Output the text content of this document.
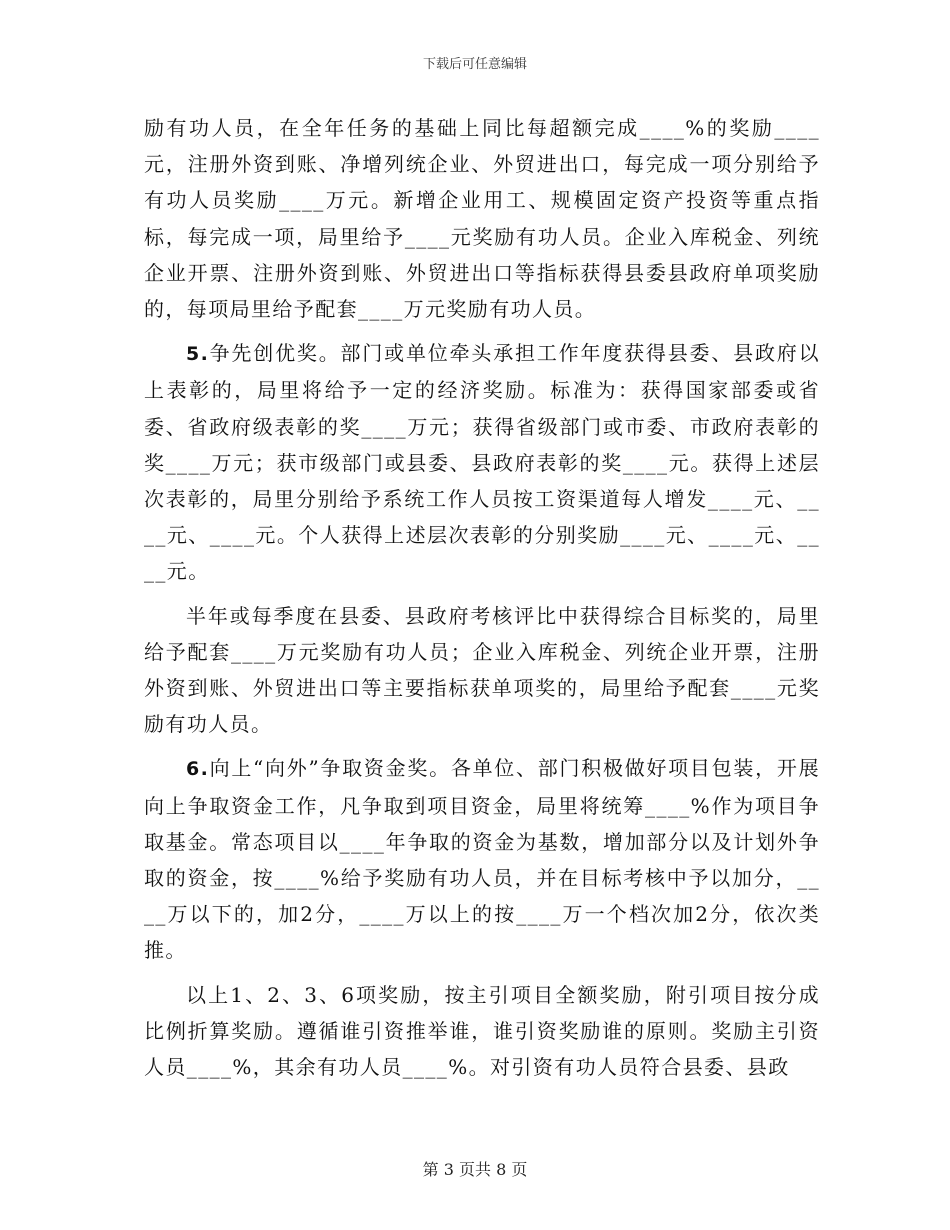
下载后可任意编辑

励有功人员，在全年任务的基础上同比每超额完成____%的奖励____元，注册外资到账、净增列统企业、外贸进出口，每完成一项分别给予有功人员奖励____万元。新增企业用工、规模固定资产投资等重点指标，每完成一项，局里给予____元奖励有功人员。企业入库税金、列统企业开票、注册外资到账、外贸进出口等指标获得县委县政府单项奖励的，每项局里给予配套____万元奖励有功人员。

5.争先创优奖。部门或单位牵头承担工作年度获得县委、县政府以上表彰的，局里将给予一定的经济奖励。标准为：获得国家部委或省委、省政府级表彰的奖____万元；获得省级部门或市委、市政府表彰的奖____万元；获市级部门或县委、县政府表彰的奖____元。获得上述层次表彰的，局里分别给予系统工作人员按工资渠道每人增发____元、____元、____元。个人获得上述层次表彰的分别奖励____元、____元、____元。

半年或每季度在县委、县政府考核评比中获得综合目标奖的，局里给予配套____万元奖励有功人员；企业入库税金、列统企业开票，注册外资到账、外贸进出口等主要指标获单项奖的，局里给予配套____元奖励有功人员。

6.向上“向外”争取资金奖。各单位、部门积极做好项目包装，开展向上争取资金工作，凡争取到项目资金，局里将统筹____%作为项目争取基金。常态项目以____年争取的资金为基数，增加部分以及计划外争取的资金，按____%给予奖励有功人员，并在目标考核中予以加分，____万以下的，加2分，____万以上的按____万一个档次加2分，依次类推。

以上1、2、3、6项奖励，按主引项目全额奖励，附引项目按分成比例折算奖励。遵循谁引资推举谁，谁引资奖励谁的原则。奖励主引资人员____%，其余有功人员____%。对引资有功人员符合县委、县政

第 3 页共 8 页
